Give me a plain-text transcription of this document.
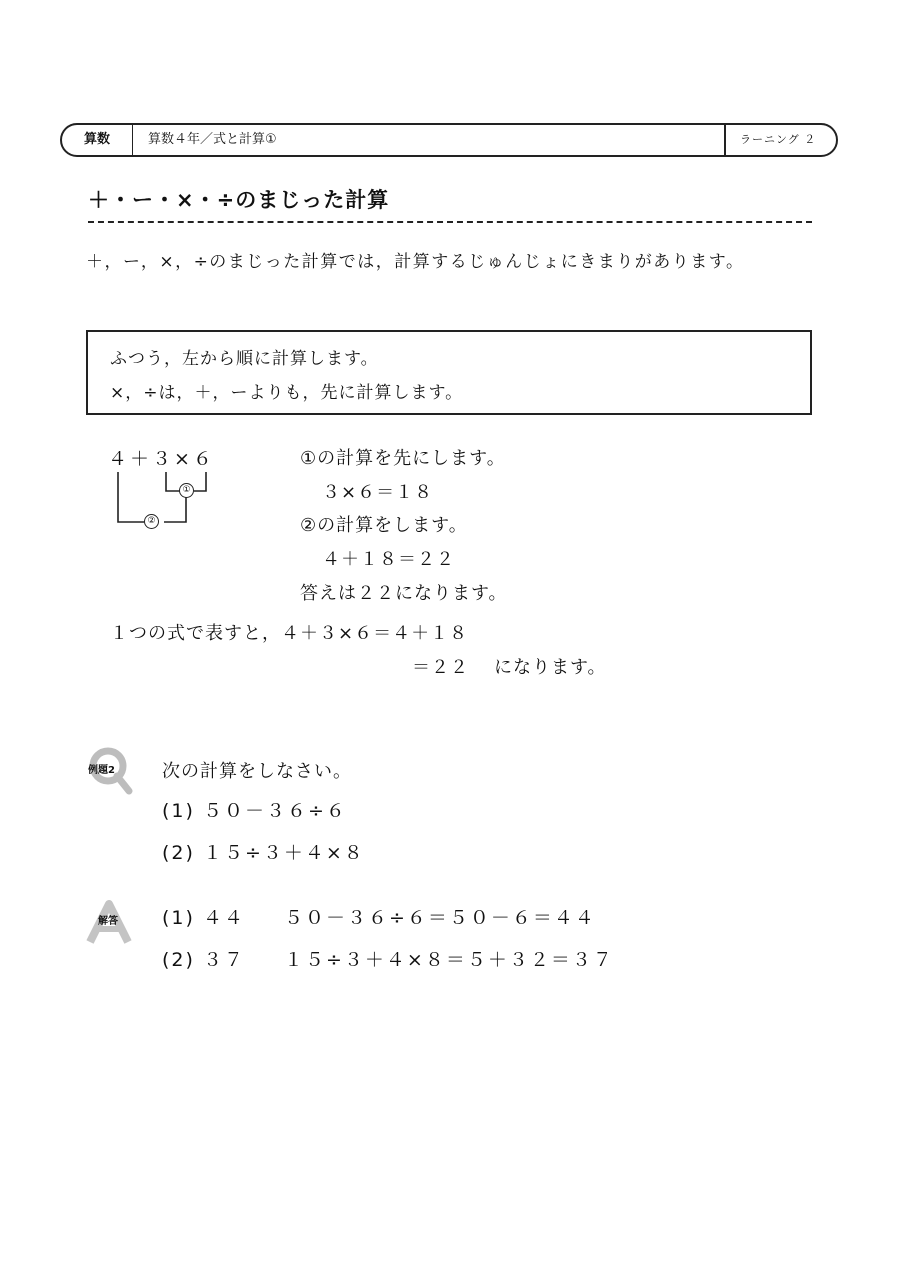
算数	算数４年／式と計算①	ラーニング ２
＋・ー・×・÷のまじった計算
＋，ー，×，÷のまじった計算では，計算するじゅんじょにきまりがあります。
ふつう，左から順に計算します。
×，÷は，＋，ーよりも，先に計算します。
４＋３×６
①
②
①の計算を先にします。
３×６＝１８
②の計算をします。
４＋１８＝２２
答えは２２になります。
１つの式で表すと，４＋３×６＝４＋１８
＝２２ になります。
例題2	次の計算をしなさい。
(1) ５０－３６÷６
(2) １５÷３＋４×８
解答 (1) ４４ ５０－３６÷６＝５０－６＝４４
(2) ３７ １５÷３＋４×８＝５＋３２＝３７
